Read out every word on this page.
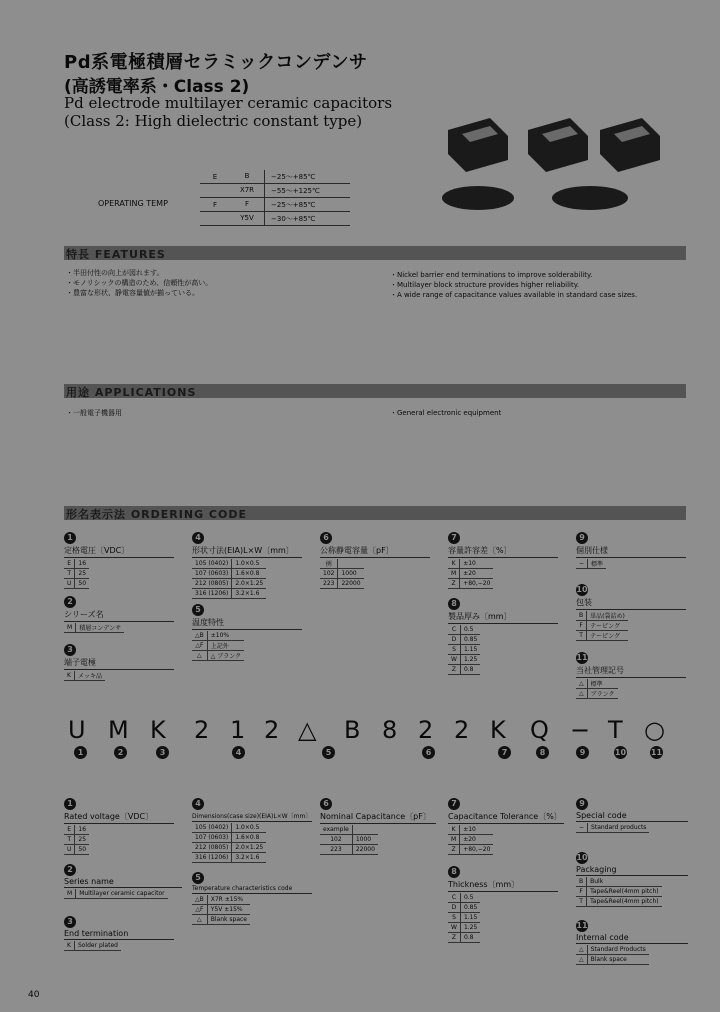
Pd系電極積層セラミックコンデンサ
(高誘電率系・Class 2)
Pd electrode multilayer ceramic capacitors
(Class 2: High dielectric constant type)
OPERATING TEMP
E	B	−25〜+85℃
X7R	−55〜+125℃
F	F	−25〜+85℃
Y5V	−30〜+85℃
特長 FEATURES
・半田付性の向上が図れます。
・モノリシックの構造のため、信頼性が高い。
・豊富な形状、静電容量値が揃っている。
・Nickel barrier end terminations to improve solderability.
・Multilayer block structure provides higher reliability.
・A wide range of capacitance values available in standard case sizes.
用途 APPLICATIONS
・一般電子機器用	・General electronic equipment
形名表示法 ORDERING CODE
1
定格電圧〔VDC〕
E	16
T	25
U	50
2
シリーズ名
M	積層コンデンサ
3
端子電極
K	メッキ品
4
形状寸法(EIA)L×W〔mm〕
105 (0402)	1.0×0.5
107 (0603)	1.6×0.8
212 (0805)	2.0×1.25
316 (1206)	3.2×1.6
5
温度特性
△B	±10%
△F	上記外
△	△ ブランク
6
公称静電容量〔pF〕
例	
102	1000
223	22000
7
容量許容差〔%〕
K	±10
M	±20
Z	+80,−20
8
製品厚み〔mm〕
C	0.5
D	0.85
S	1.15
W	1.25
Z	0.8
9
個別仕様
−	標準
10
包装
B	単品(袋詰め)
F	テーピング
T	テーピング
11
当社管理記号
△	標準
△	ブランク
U M K 2 1 2 △ B 8 2 2 K Q − T ○
1	2	3	4	5	6	7	8	9	10	11
1
Rated voltage〔VDC〕
E	16
T	25
U	50
2
Series name
M	Multilayer ceramic capacitor
3
End termination
K	Solder plated
4
Dimensions(case size)(EIA)L×W〔mm〕
105 (0402)	1.0×0.5
107 (0603)	1.6×0.8
212 (0805)	2.0×1.25
316 (1206)	3.2×1.6
5
Temperature characteristics code
△B	X7R ±15%
△F	Y5V ±15%
△	Blank space
6
Nominal Capacitance〔pF〕
example	
102	1000
223	22000
7
Capacitance Tolerance〔%〕
K	±10
M	±20
Z	+80,−20
8
Thickness〔mm〕
C	0.5
D	0.85
S	1.15
W	1.25
Z	0.8
9
Special code
−	Standard products
10
Packaging
B	Bulk
F	Tape&Reel(4mm pitch)
T	Tape&Reel(4mm pitch)
11
Internal code
△	Standard Products
△	Blank space
40
